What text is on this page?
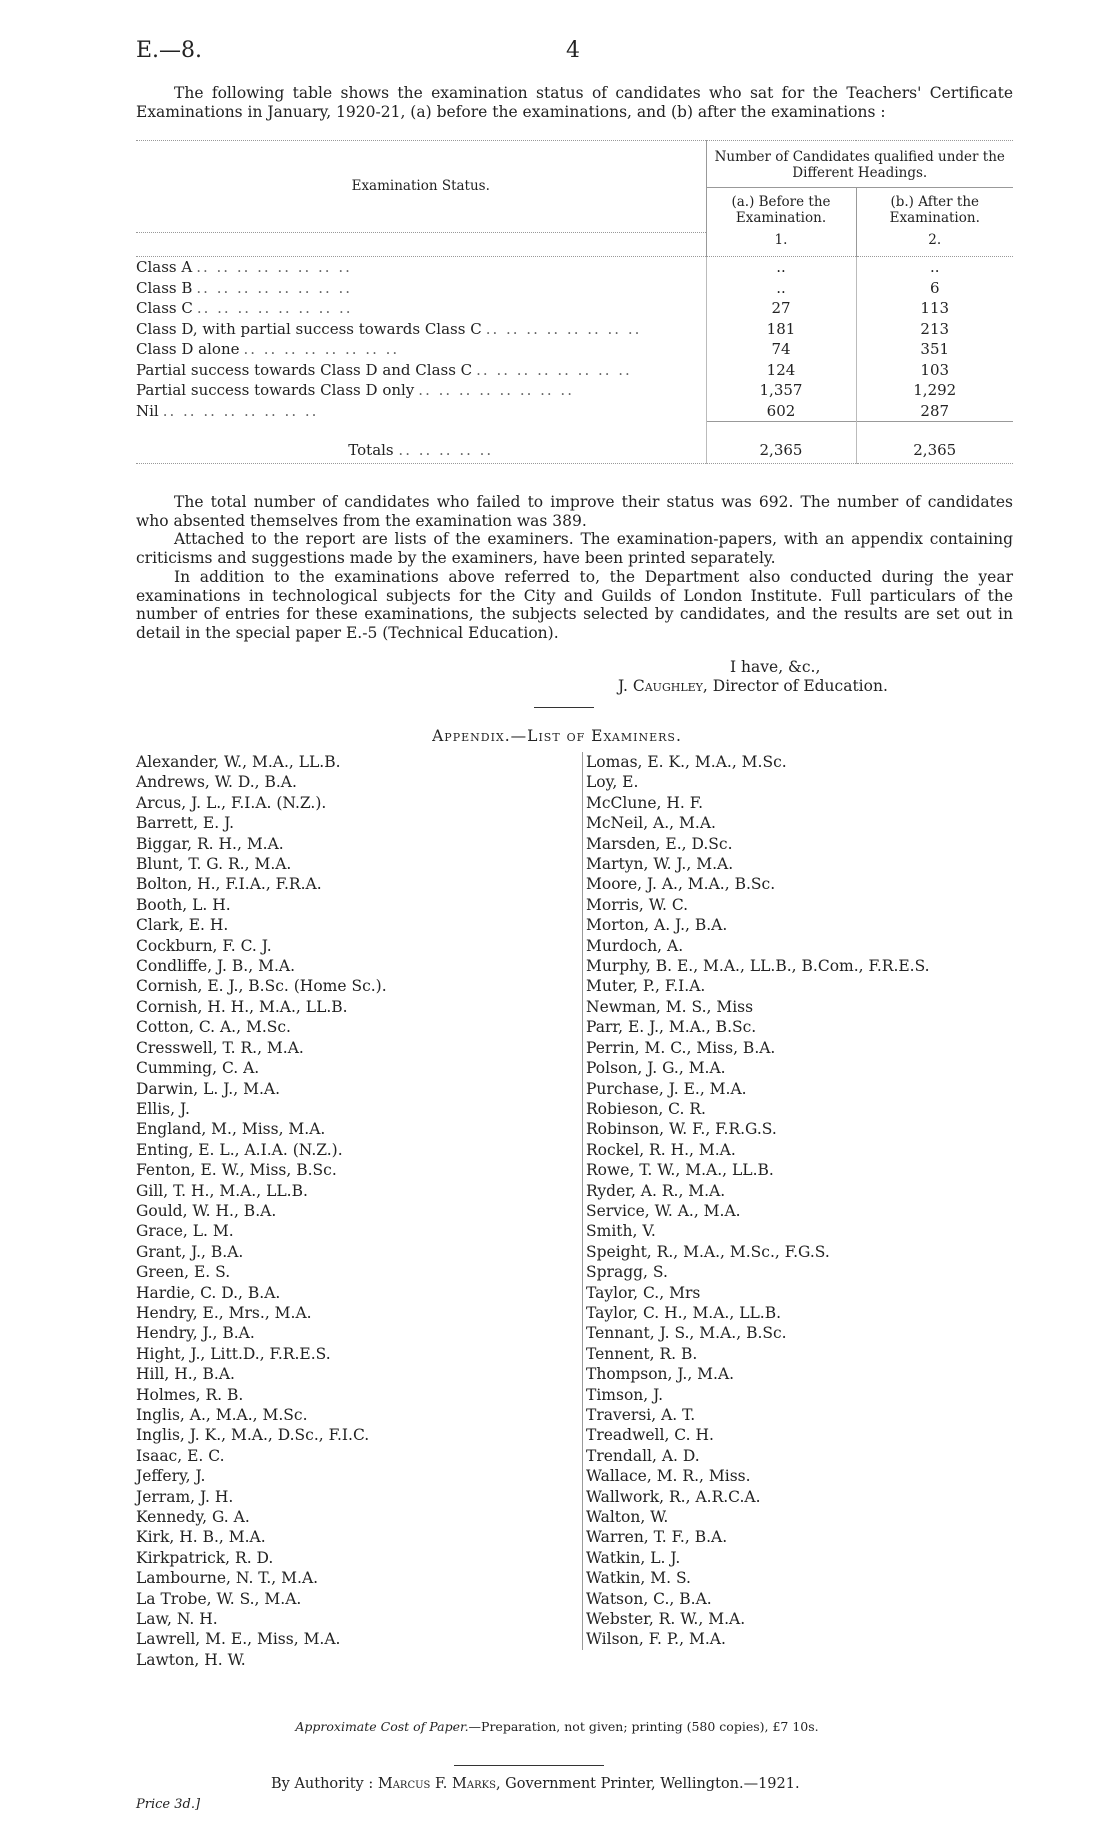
E.—8.	4
The following table shows the examination status of candidates who sat for the Teachers' Certificate Examinations in January, 1920-21, (a) before the examinations, and (b) after the examinations :
Examination Status.	Number of Candidates qualified under the Different Headings.	
	(a.) Before the Examination.	(b.) After the Examination.
	1.	2.
Class A .. .. .. .. .. .. .. ..	..	..
Class B .. .. .. .. .. .. .. ..	..	6
Class C .. .. .. .. .. .. .. ..	27	113
Class D, with partial success towards Class C .. .. .. .. .. .. .. ..	181	213
Class D alone .. .. .. .. .. .. .. ..	74	351
Partial success towards Class D and Class C .. .. .. .. .. .. .. ..	124	103
Partial success towards Class D only .. .. .. .. .. .. .. ..	1,357	1,292
Nil .. .. .. .. .. .. .. ..	602	287
Totals .. .. .. .. ..	2,365	2,365

The total number of candidates who failed to improve their status was 692. The number of candidates who absented themselves from the examination was 389.

Attached to the report are lists of the examiners. The examination-papers, with an appendix containing criticisms and suggestions made by the examiners, have been printed separately.

In addition to the examinations above referred to, the Department also conducted during the year examinations in technological subjects for the City and Guilds of London Institute. Full particulars of the number of entries for these examinations, the subjects selected by candidates, and the results are set out in detail in the special paper E.-5 (Technical Education).

I have, &c.,
J. Caughley, Director of Education.
Appendix.—List of Examiners.
Alexander, W., M.A., LL.B.
Andrews, W. D., B.A.
Arcus, J. L., F.I.A. (N.Z.).
Barrett, E. J.
Biggar, R. H., M.A.
Blunt, T. G. R., M.A.
Bolton, H., F.I.A., F.R.A.
Booth, L. H.
Clark, E. H.
Cockburn, F. C. J.
Condliffe, J. B., M.A.
Cornish, E. J., B.Sc. (Home Sc.).
Cornish, H. H., M.A., LL.B.
Cotton, C. A., M.Sc.
Cresswell, T. R., M.A.
Cumming, C. A.
Darwin, L. J., M.A.
Ellis, J.
England, M., Miss, M.A.
Enting, E. L., A.I.A. (N.Z.).
Fenton, E. W., Miss, B.Sc.
Gill, T. H., M.A., LL.B.
Gould, W. H., B.A.
Grace, L. M.
Grant, J., B.A.
Green, E. S.
Hardie, C. D., B.A.
Hendry, E., Mrs., M.A.
Hendry, J., B.A.
Hight, J., Litt.D., F.R.E.S.
Hill, H., B.A.
Holmes, R. B.
Inglis, A., M.A., M.Sc.
Inglis, J. K., M.A., D.Sc., F.I.C.
Isaac, E. C.
Jeffery, J.
Jerram, J. H.
Kennedy, G. A.
Kirk, H. B., M.A.
Kirkpatrick, R. D.
Lambourne, N. T., M.A.
La Trobe, W. S., M.A.
Law, N. H.
Lawrell, M. E., Miss, M.A.
Lawton, H. W.
Lomas, E. K., M.A., M.Sc.
Loy, E.
McClune, H. F.
McNeil, A., M.A.
Marsden, E., D.Sc.
Martyn, W. J., M.A.
Moore, J. A., M.A., B.Sc.
Morris, W. C.
Morton, A. J., B.A.
Murdoch, A.
Murphy, B. E., M.A., LL.B., B.Com., F.R.E.S.
Muter, P., F.I.A.
Newman, M. S., Miss
Parr, E. J., M.A., B.Sc.
Perrin, M. C., Miss, B.A.
Polson, J. G., M.A.
Purchase, J. E., M.A.
Robieson, C. R.
Robinson, W. F., F.R.G.S.
Rockel, R. H., M.A.
Rowe, T. W., M.A., LL.B.
Ryder, A. R., M.A.
Service, W. A., M.A.
Smith, V.
Speight, R., M.A., M.Sc., F.G.S.
Spragg, S.
Taylor, C., Mrs
Taylor, C. H., M.A., LL.B.
Tennant, J. S., M.A., B.Sc.
Tennent, R. B.
Thompson, J., M.A.
Timson, J.
Traversi, A. T.
Treadwell, C. H.
Trendall, A. D.
Wallace, M. R., Miss.
Wallwork, R., A.R.C.A.
Walton, W.
Warren, T. F., B.A.
Watkin, L. J.
Watkin, M. S.
Watson, C., B.A.
Webster, R. W., M.A.
Wilson, F. P., M.A.
Approximate Cost of Paper.—Preparation, not given; printing (580 copies), £7 10s.
By Authority : Marcus F. Marks, Government Printer, Wellington.—1921.
Price 3d.]
